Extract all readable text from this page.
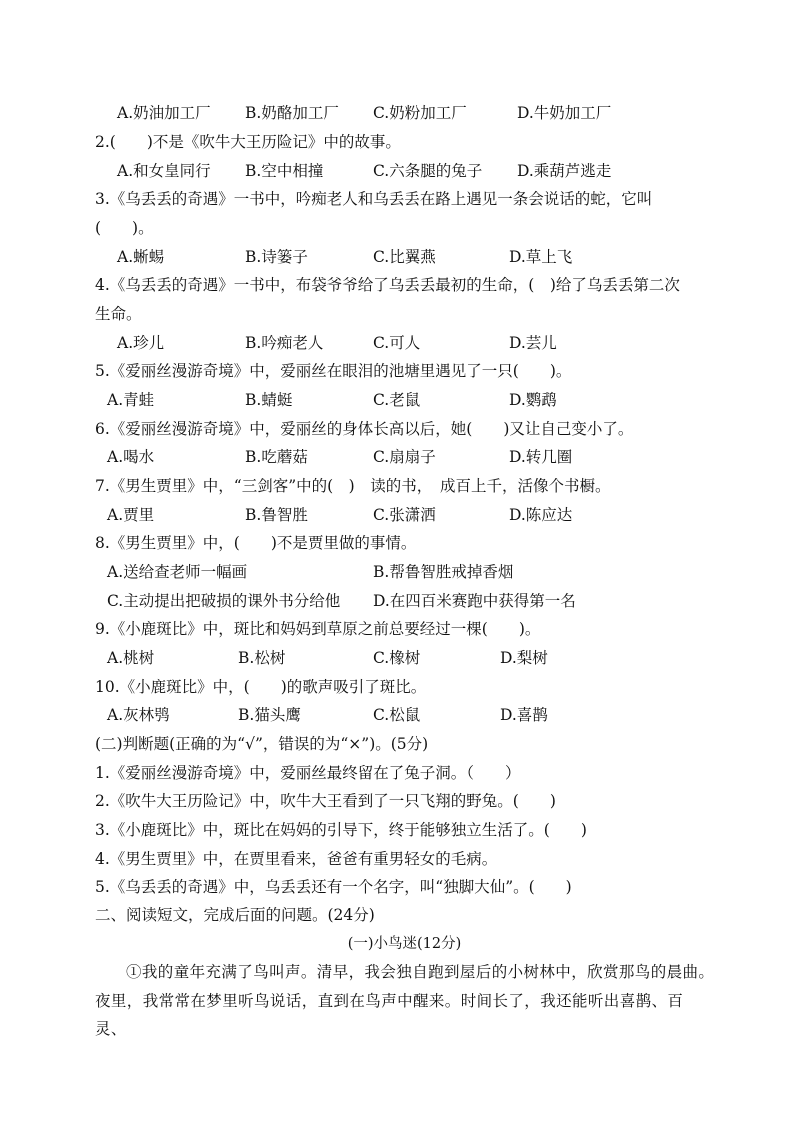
A.奶油加工厂 B.奶酪加工厂 C.奶粉加工厂	D.牛奶加工厂
2.(　　)不是《吹牛大王历险记》中的故事。
A.和女皇同行 B.空中相撞	C.六条腿的兔子 D.乘葫芦逃走
3.《乌丢丢的奇遇》一书中，吟痴老人和乌丢丢在路上遇见一条会说话的蛇，它叫
(　　)。
A.蜥蜴	B.诗篓子	C.比翼燕	D.草上飞
4.《乌丢丢的奇遇》一书中，布袋爷爷给了乌丢丢最初的生命，(　)给了乌丢丢第二次
生命。
A.珍儿	B.吟痴老人	C.可人	D.芸儿
5.《爱丽丝漫游奇境》中，爱丽丝在眼泪的池塘里遇见了一只(　　)。
A.青蛙	B.蜻蜓	C.老鼠	D.鹦鹉
6.《爱丽丝漫游奇境》中，爱丽丝的身体长高以后，她(　　)又让自己变小了。
A.喝水	B.吃蘑菇	C.扇扇子	D.转几圈
7.《男生贾里》中，“三剑客”中的(　)　读的书，　成百上千，活像个书橱。
A.贾里	B.鲁智胜	C.张潇洒	D.陈应达
8.《男生贾里》中，(　　)不是贾里做的事情。
A.送给查老师一幅画	B.帮鲁智胜戒掉香烟
C.主动提出把破损的课外书分给他 D.在四百米赛跑中获得第一名
9.《小鹿斑比》中，斑比和妈妈到草原之前总要经过一棵(　　)。
A.桃树	B.松树	C.橡树	D.梨树
10.《小鹿斑比》中，(　　)的歌声吸引了斑比。
A.灰林鸮	B.猫头鹰	C.松鼠	D.喜鹊
(二)判断题(正确的为“√”，错误的为“×”)。(5分)
1.《爱丽丝漫游奇境》中，爱丽丝最终留在了兔子洞。（　　）
2.《吹牛大王历险记》中，吹牛大王看到了一只飞翔的野兔。(　　)
3.《小鹿斑比》中，斑比在妈妈的引导下，终于能够独立生活了。(　　)
4.《男生贾里》中，在贾里看来，爸爸有重男轻女的毛病。
5.《乌丢丢的奇遇》中，乌丢丢还有一个名字，叫“独脚大仙”。(　　)
二、阅读短文，完成后面的问题。(24分)
(一)小鸟迷(12分)
①我的童年充满了鸟叫声。清早，我会独自跑到屋后的小树林中，欣赏那鸟的晨曲。夜里，我常常在梦里听鸟说话，直到在鸟声中醒来。时间长了，我还能听出喜鹊、百灵、
